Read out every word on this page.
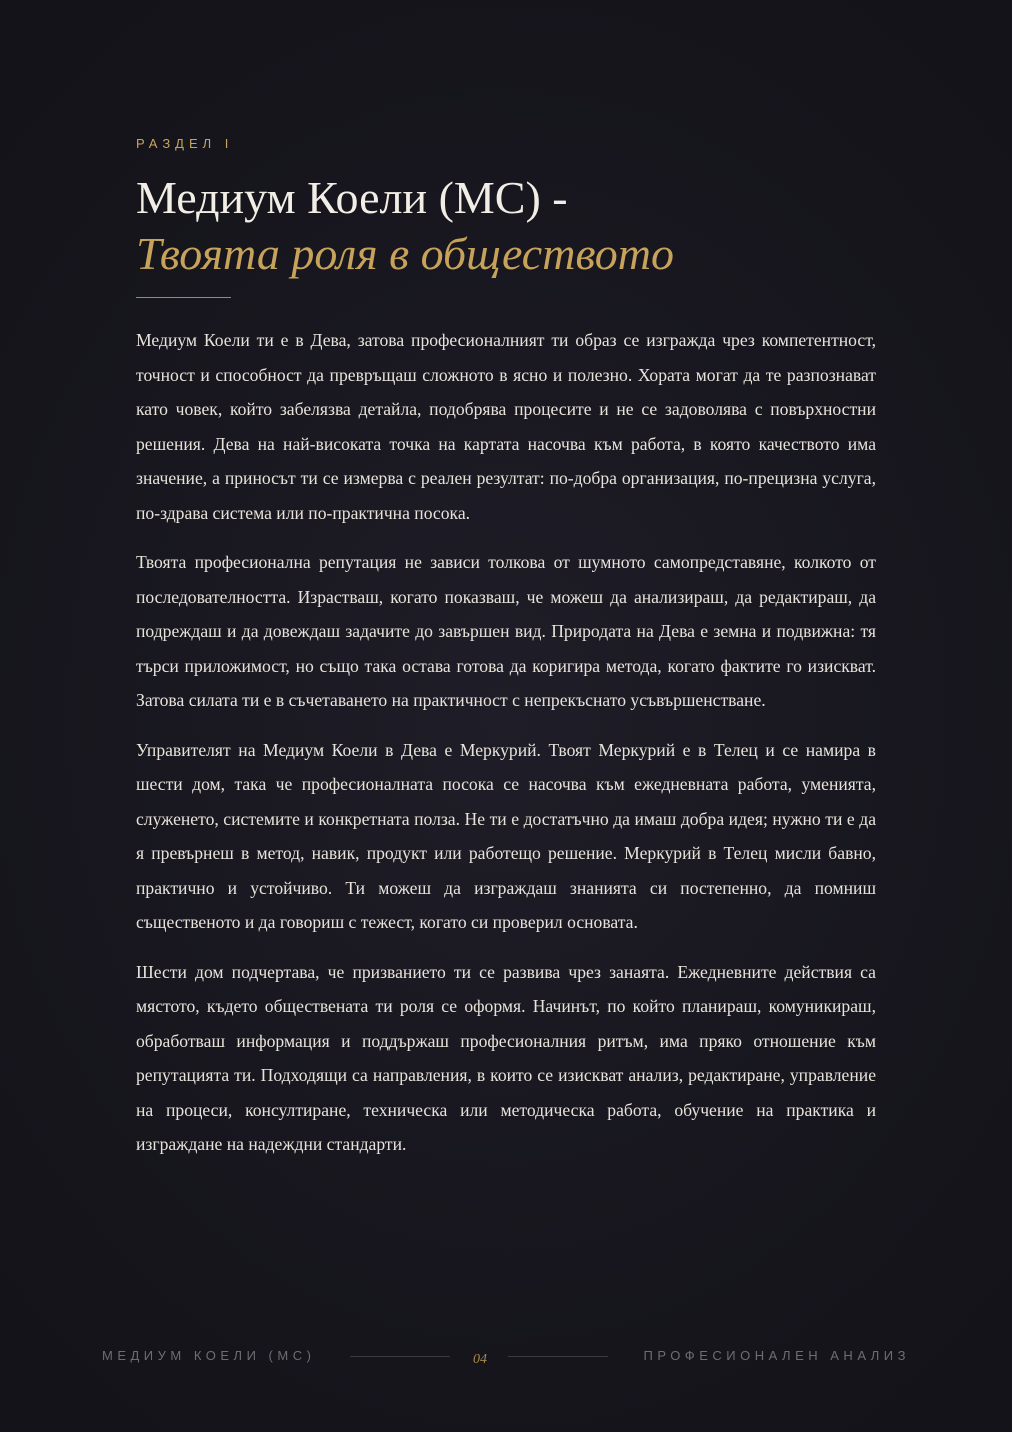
РАЗДЕЛ I
Медиум Коели (MC) -
Твоята роля в обществото

Медиум Коели ти е в Дева, затова професионалният ти образ се изгражда чрез компетентност, точност и способност да превръщаш сложното в ясно и полезно. Хората могат да те разпознават като човек, който забелязва детайла, подобрява процесите и не се задоволява с повърхностни решения. Дева на най-високата точка на картата насочва към работа, в която качеството има значение, а приносът ти се измерва с реален резултат: по-добра организация, по-прецизна услуга, по-здрава система или по-практична посока.

Твоята професионална репутация не зависи толкова от шумното самопредставяне, колкото от последователността. Израстваш, когато показваш, че можеш да анализираш, да редактираш, да подреждаш и да довеждаш задачите до завършен вид. Природата на Дева е земна и подвижна: тя търси приложимост, но също така остава готова да коригира метода, когато фактите го изискват. Затова силата ти е в съчетаването на практичност с непрекъснато усъвършенстване.

Управителят на Медиум Коели в Дева е Меркурий. Твоят Меркурий е в Телец и се намира в шести дом, така че професионалната посока се насочва към ежедневната работа, уменията, служенето, системите и конкретната полза. Не ти е достатъчно да имаш добра идея; нужно ти е да я превърнеш в метод, навик, продукт или работещо решение. Меркурий в Телец мисли бавно, практично и устойчиво. Ти можеш да изграждаш знанията си постепенно, да помниш същественото и да говориш с тежест, когато си проверил основата.

Шести дом подчертава, че призванието ти се развива чрез занаята. Ежедневните действия са мястото, където обществената ти роля се оформя. Начинът, по който планираш, комуникираш, обработваш информация и поддържаш професионалния ритъм, има пряко отношение към репутацията ти. Подходящи са направления, в които се изискват анализ, редактиране, управление на процеси, консултиране, техническа или методическа работа, обучение на практика и изграждане на надеждни стандарти.

МЕДИУМ КОЕЛИ (MC)	04	ПРОФЕСИОНАЛЕН АНАЛИЗ
